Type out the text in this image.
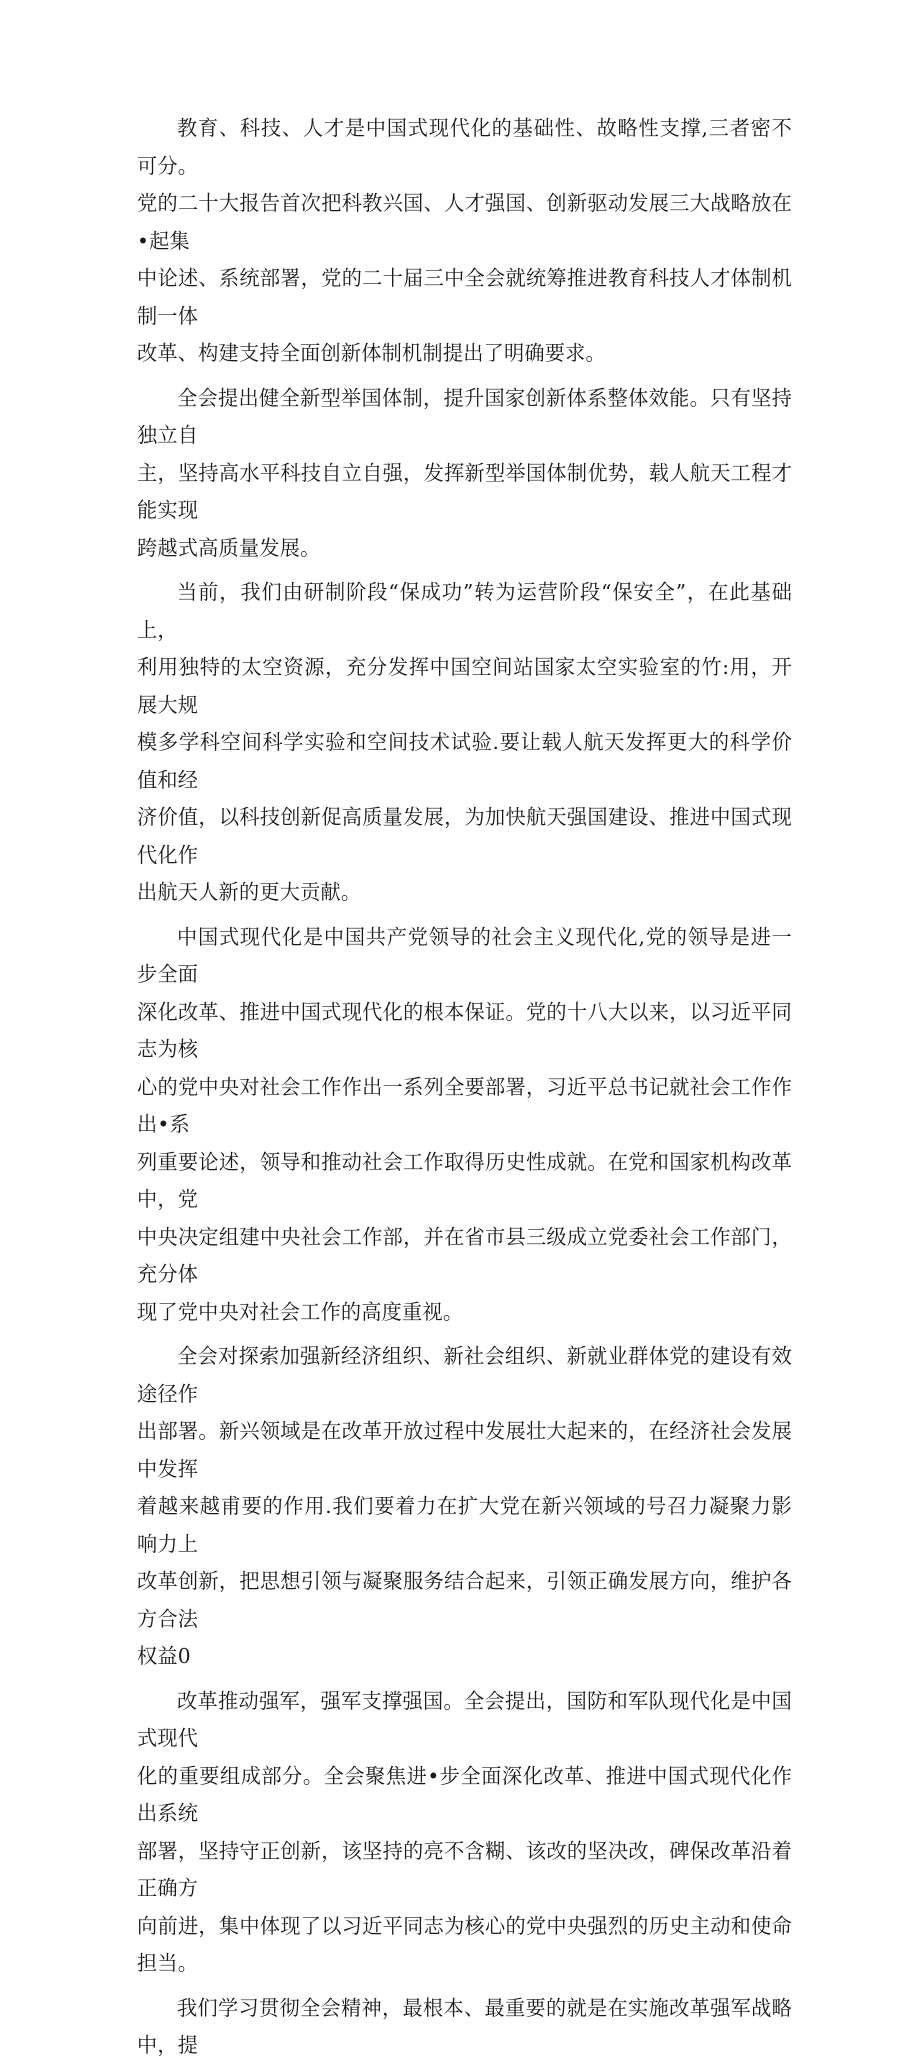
教育、科技、人才是中国式现代化的基础性、故略性支撑,三者密不可分。
党的二十大报告首次把科教兴国、人才强国、创新驱动发展三大战略放在•起集
中论述、系统部署，党的二十届三中全会就统筹推进教育科技人才体制机制一体
改革、构建支持全面创新体制机制提出了明确要求。

全会提出健全新型举国体制，提升国家创新体系整体效能。只有坚持独立自
主，坚持高水平科技自立自强，发挥新型举国体制优势，载人航天工程才能实现
跨越式高质量发展。

当前，我们由研制阶段“保成功”转为运营阶段“保安全”，在此基础上，
利用独特的太空资源，充分发挥中国空间站国家太空实验室的竹:用，开展大规
模多学科空间科学实验和空间技术试验.要让载人航天发挥更大的科学价值和经
济价值，以科技创新促高质量发展，为加快航天强国建设、推进中国式现代化作
出航天人新的更大贡献。

中国式现代化是中国共产党领导的社会主义现代化,党的领导是进一步全面
深化改革、推进中国式现代化的根本保证。党的十八大以来，以习近平同志为核
心的党中央对社会工作作出一系列全要部署，习近平总书记就社会工作作出•系
列重要论述，领导和推动社会工作取得历史性成就。在党和国家机构改革中，党
中央决定组建中央社会工作部，并在省市县三级成立党委社会工作部门，充分体
现了党中央对社会工作的高度重视。

全会对探索加强新经济组织、新社会组织、新就业群体党的建设有效途径作
出部署。新兴领域是在改革开放过程中发展壮大起来的，在经济社会发展中发挥
着越来越甫要的作用.我们要着力在扩大党在新兴领域的号召力凝聚力影响力上
改革创新，把思想引领与凝聚服务结合起来，引领正确发展方向，维护各方合法
权益0

改革推动强军，强军支撑强国。全会提出，国防和军队现代化是中国式现代
化的重要组成部分。全会聚焦进•步全面深化改革、推进中国式现代化作出系统
部署，坚持守正创新，该坚持的亮不含糊、该改的坚决改，碑保改革沿着正确方
向前进，集中体现了以习近平同志为核心的党中央强烈的历史主动和使命担当。

我们学习贯彻全会精神，最根本、最重要的就是在实施改革强军战略中，提
